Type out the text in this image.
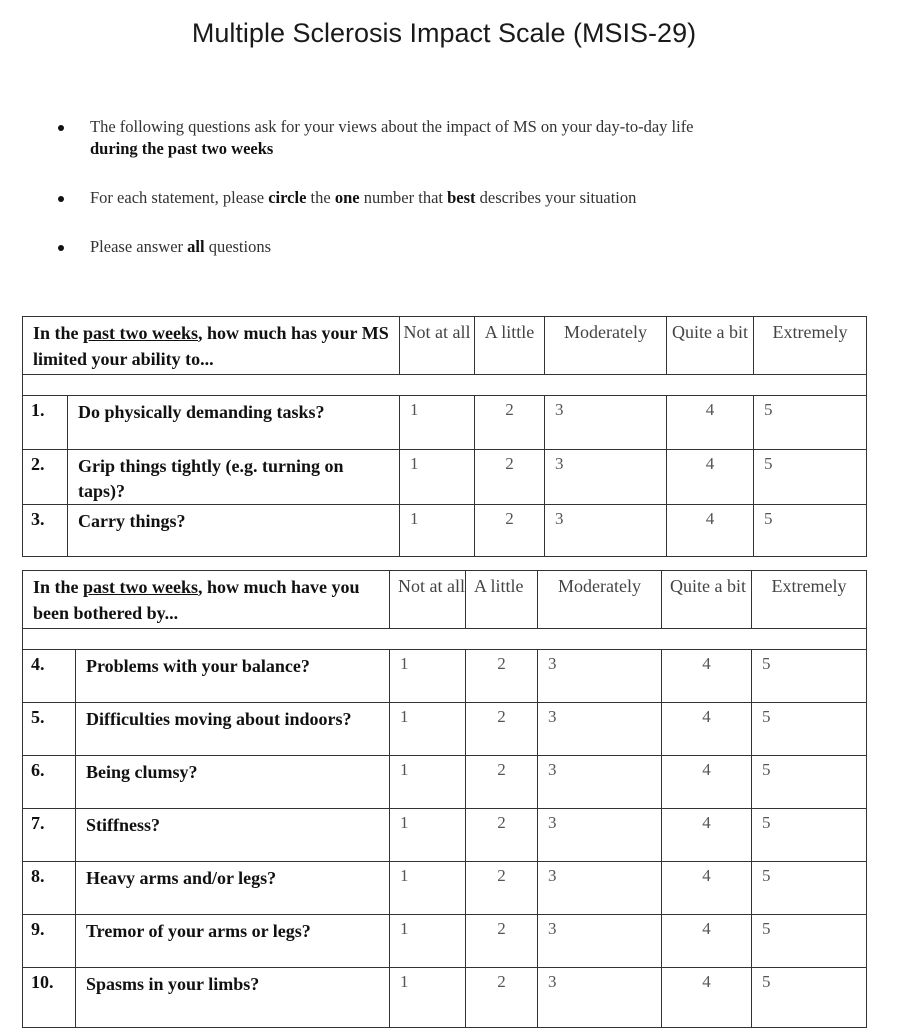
Multiple Sclerosis Impact Scale (MSIS-29)
The following questions ask for your views about the impact of MS on your day-to-day life
during the past two weeks
For each statement, please circle the one number that best describes your situation
Please answer all questions
In the past two weeks, how much has your MS limited your ability to...		Not at all	A little	Moderately	Quite a bit	Extremely

1.	Do physically demanding tasks?	1	2	3	4	5
2.	Grip things tightly (e.g. turning on taps)?	1	2	3	4	5
3.	Carry things?	1	2	3	4	5
In the past two weeks, how much have you been bothered by...		Not at all	A little	Moderately	Quite a bit	Extremely

4.	Problems with your balance?	1	2	3	4	5
5.	Difficulties moving about indoors?	1	2	3	4	5
6.	Being clumsy?	1	2	3	4	5
7.	Stiffness?	1	2	3	4	5
8.	Heavy arms and/or legs?	1	2	3	4	5
9.	Tremor of your arms or legs?	1	2	3	4	5
10.	Spasms in your limbs?	1	2	3	4	5
